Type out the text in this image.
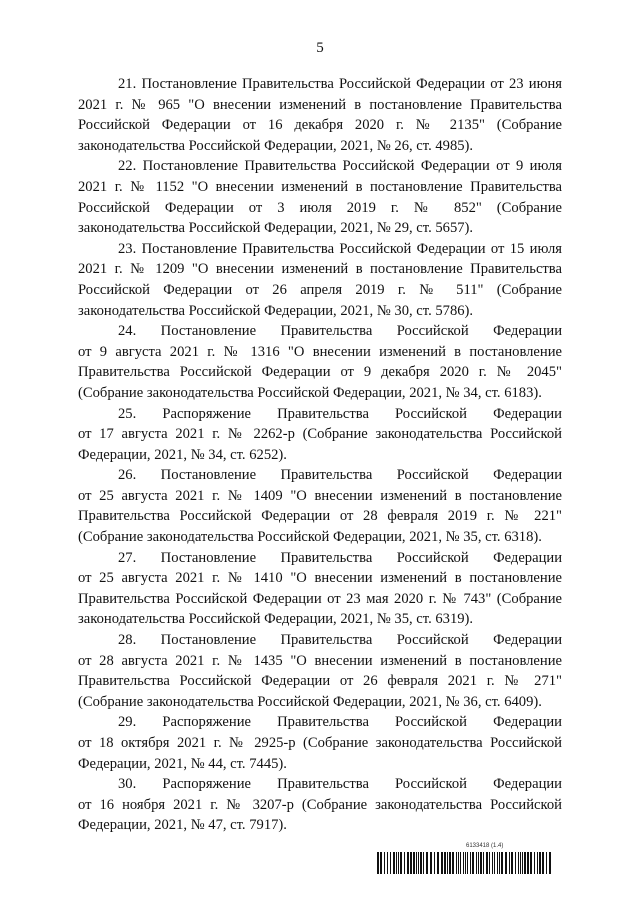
5
21. Постановление Правительства Российской Федерации от 23 июня
2021 г. № 965 "О внесении изменений в постановление Правительства
Российской Федерации от 16 декабря 2020 г. № 2135" (Собрание
законодательства Российской Федерации, 2021, № 26, ст. 4985).
22. Постановление Правительства Российской Федерации от 9 июля
2021 г. № 1152 "О внесении изменений в постановление Правительства
Российской Федерации от 3 июля 2019 г. № 852" (Собрание
законодательства Российской Федерации, 2021, № 29, ст. 5657).
23. Постановление Правительства Российской Федерации от 15 июля
2021 г. № 1209 "О внесении изменений в постановление Правительства
Российской Федерации от 26 апреля 2019 г. № 511" (Собрание
законодательства Российской Федерации, 2021, № 30, ст. 5786).
24. Постановление Правительства Российской Федерации
от 9 августа 2021 г. № 1316 "О внесении изменений в постановление
Правительства Российской Федерации от 9 декабря 2020 г. № 2045"
(Собрание законодательства Российской Федерации, 2021, № 34, ст. 6183).
25. Распоряжение Правительства Российской Федерации
от 17 августа 2021 г. № 2262-р (Собрание законодательства Российской
Федерации, 2021, № 34, ст. 6252).
26. Постановление Правительства Российской Федерации
от 25 августа 2021 г. № 1409 "О внесении изменений в постановление
Правительства Российской Федерации от 28 февраля 2019 г. № 221"
(Собрание законодательства Российской Федерации, 2021, № 35, ст. 6318).
27. Постановление Правительства Российской Федерации
от 25 августа 2021 г. № 1410 "О внесении изменений в постановление
Правительства Российской Федерации от 23 мая 2020 г. № 743" (Собрание
законодательства Российской Федерации, 2021, № 35, ст. 6319).
28. Постановление Правительства Российской Федерации
от 28 августа 2021 г. № 1435 "О внесении изменений в постановление
Правительства Российской Федерации от 26 февраля 2021 г. № 271"
(Собрание законодательства Российской Федерации, 2021, № 36, ст. 6409).
29. Распоряжение Правительства Российской Федерации
от 18 октября 2021 г. № 2925-р (Собрание законодательства Российской
Федерации, 2021, № 44, ст. 7445).
30. Распоряжение Правительства Российской Федерации
от 16 ноября 2021 г. № 3207-р (Собрание законодательства Российской
Федерации, 2021, № 47, ст. 7917).
6133418 (1.4)
